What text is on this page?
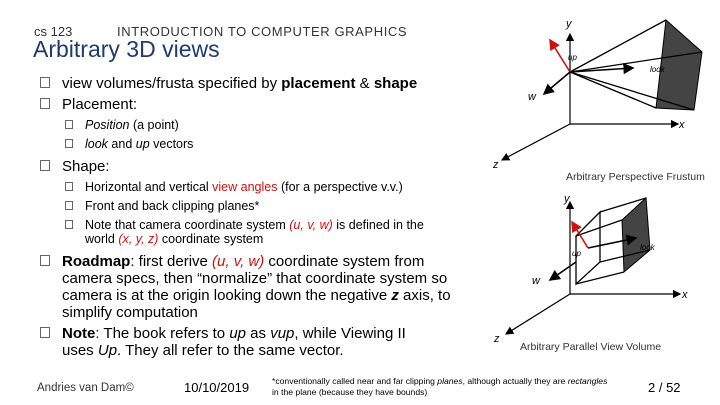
cs 123	INTRODUCTION TO COMPUTER GRAPHICS
Arbitrary 3D views
view volumes/frusta specified by placement & shape
Placement:
Position (a point)
look and up vectors
Shape:
Horizontal and vertical view angles (for a perspective v.v.)
Front and back clipping planes*
Note that camera coordinate system (u, v, w) is defined in the
world (x, y, z) coordinate system
Roadmap: first derive (u, v, w) coordinate system from
camera specs, then “normalize” that coordinate system so
camera is at the origin looking down the negative z axis, to
simplify computation
Note: The book refers to up as vup, while Viewing II
uses Up. They all refer to the same vector.
y
x
z
w
up
look
Arbitrary Perspective Frustum
y
x
z
w
up
look
Arbitrary Parallel View Volume
Andries van Dam©	10/10/2019	*conventionally called near and far clipping planes, although actually they are rectangles in the plane (because they have bounds)	2 / 52
